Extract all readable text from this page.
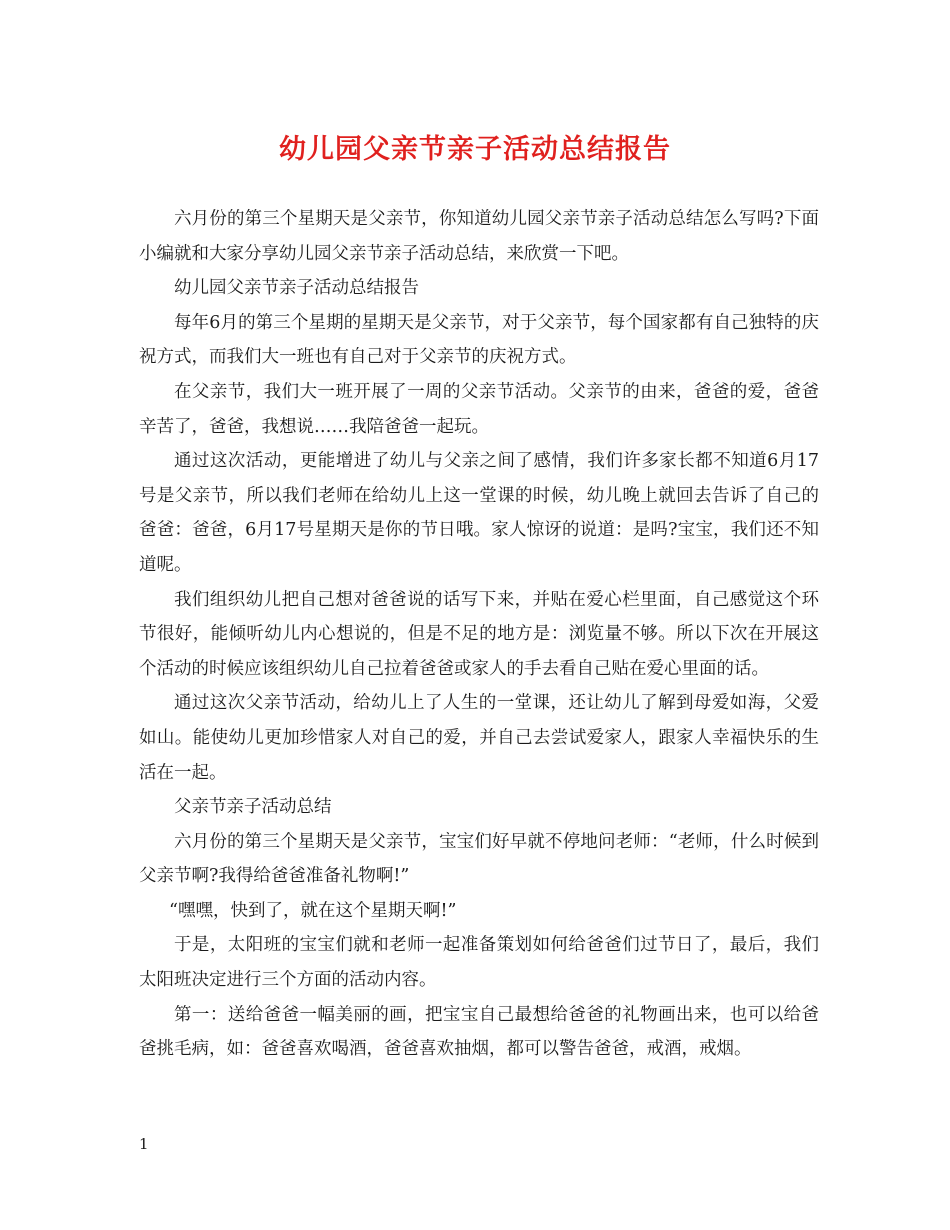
幼儿园父亲节亲子活动总结报告

六月份的第三个星期天是父亲节，你知道幼儿园父亲节亲子活动总结怎么写吗?下面小编就和大家分享幼儿园父亲节亲子活动总结，来欣赏一下吧。

幼儿园父亲节亲子活动总结报告

每年6月的第三个星期的星期天是父亲节，对于父亲节，每个国家都有自己独特的庆祝方式，而我们大一班也有自己对于父亲节的庆祝方式。

在父亲节，我们大一班开展了一周的父亲节活动。父亲节的由来，爸爸的爱，爸爸辛苦了，爸爸，我想说……我陪爸爸一起玩。

通过这次活动，更能增进了幼儿与父亲之间了感情，我们许多家长都不知道6月17号是父亲节，所以我们老师在给幼儿上这一堂课的时候，幼儿晚上就回去告诉了自己的爸爸：爸爸，6月17号星期天是你的节日哦。家人惊讶的说道：是吗?宝宝，我们还不知道呢。

我们组织幼儿把自己想对爸爸说的话写下来，并贴在爱心栏里面，自己感觉这个环节很好，能倾听幼儿内心想说的，但是不足的地方是：浏览量不够。所以下次在开展这个活动的时候应该组织幼儿自己拉着爸爸或家人的手去看自己贴在爱心里面的话。

通过这次父亲节活动，给幼儿上了人生的一堂课，还让幼儿了解到母爱如海，父爱如山。能使幼儿更加珍惜家人对自己的爱，并自己去尝试爱家人，跟家人幸福快乐的生活在一起。

父亲节亲子活动总结

六月份的第三个星期天是父亲节，宝宝们好早就不停地问老师：“老师，什么时候到父亲节啊?我得给爸爸准备礼物啊!”

“嘿嘿，快到了，就在这个星期天啊!”

于是，太阳班的宝宝们就和老师一起准备策划如何给爸爸们过节日了，最后，我们太阳班决定进行三个方面的活动内容。

第一：送给爸爸一幅美丽的画，把宝宝自己最想给爸爸的礼物画出来，也可以给爸爸挑毛病，如：爸爸喜欢喝酒，爸爸喜欢抽烟，都可以警告爸爸，戒酒，戒烟。

1
